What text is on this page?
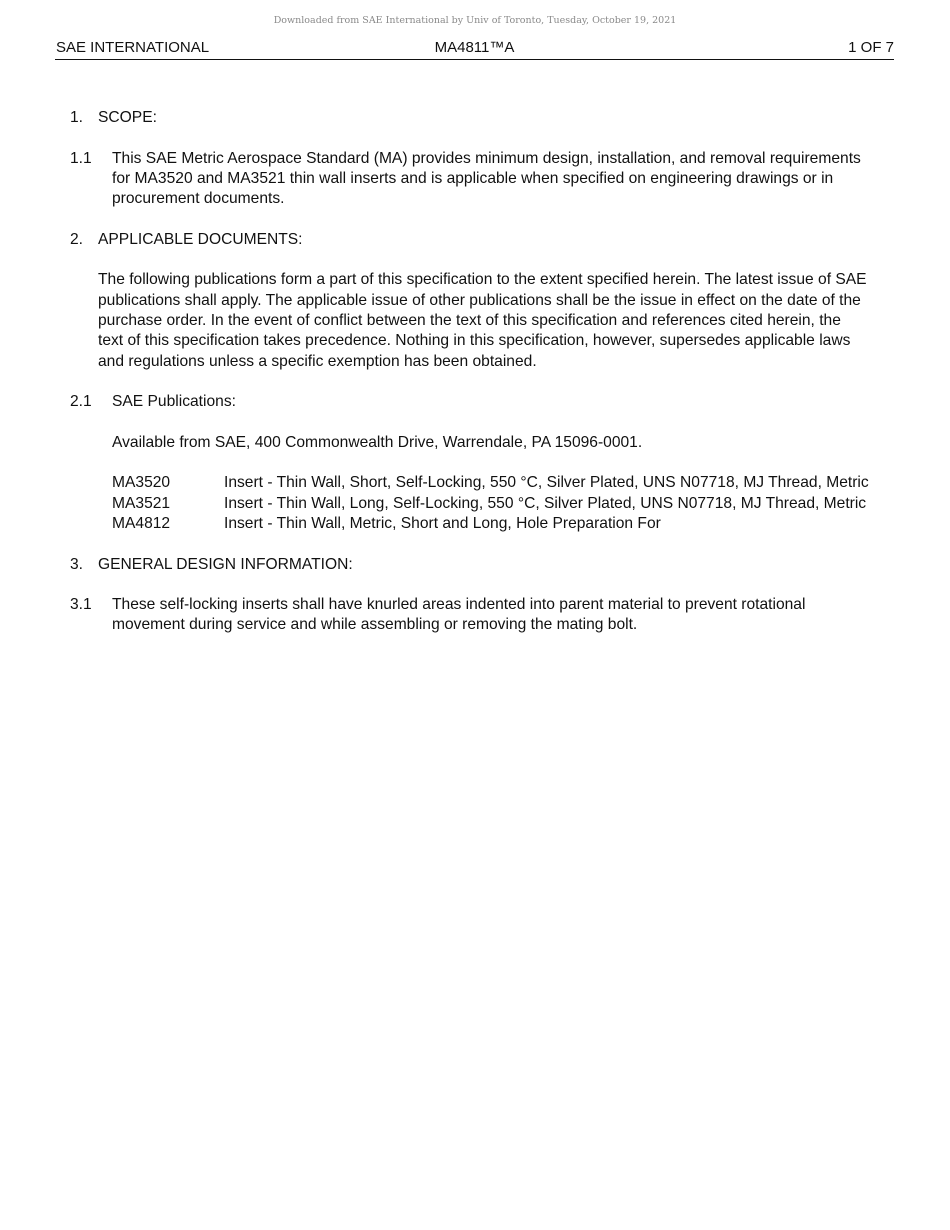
Downloaded from SAE International by Univ of Toronto, Tuesday, October 19, 2021
SAE INTERNATIONAL	MA4811™A	1 OF 7
1. SCOPE:
1.1	This SAE Metric Aerospace Standard (MA) provides minimum design, installation, and removal requirements for MA3520 and MA3521 thin wall inserts and is applicable when specified on engineering drawings or in procurement documents.
2. APPLICABLE DOCUMENTS:
The following publications form a part of this specification to the extent specified herein. The latest issue of SAE publications shall apply. The applicable issue of other publications shall be the issue in effect on the date of the purchase order. In the event of conflict between the text of this specification and references cited herein, the text of this specification takes precedence. Nothing in this specification, however, supersedes applicable laws and regulations unless a specific exemption has been obtained.
2.1	SAE Publications:
Available from SAE, 400 Commonwealth Drive, Warrendale, PA 15096-0001.
MA3520	Insert - Thin Wall, Short, Self-Locking, 550 °C, Silver Plated, UNS N07718, MJ Thread, Metric
MA3521	Insert - Thin Wall, Long, Self-Locking, 550 °C, Silver Plated, UNS N07718, MJ Thread, Metric
MA4812	Insert - Thin Wall, Metric, Short and Long, Hole Preparation For
3. GENERAL DESIGN INFORMATION:
3.1	These self-locking inserts shall have knurled areas indented into parent material to prevent rotational movement during service and while assembling or removing the mating bolt.
